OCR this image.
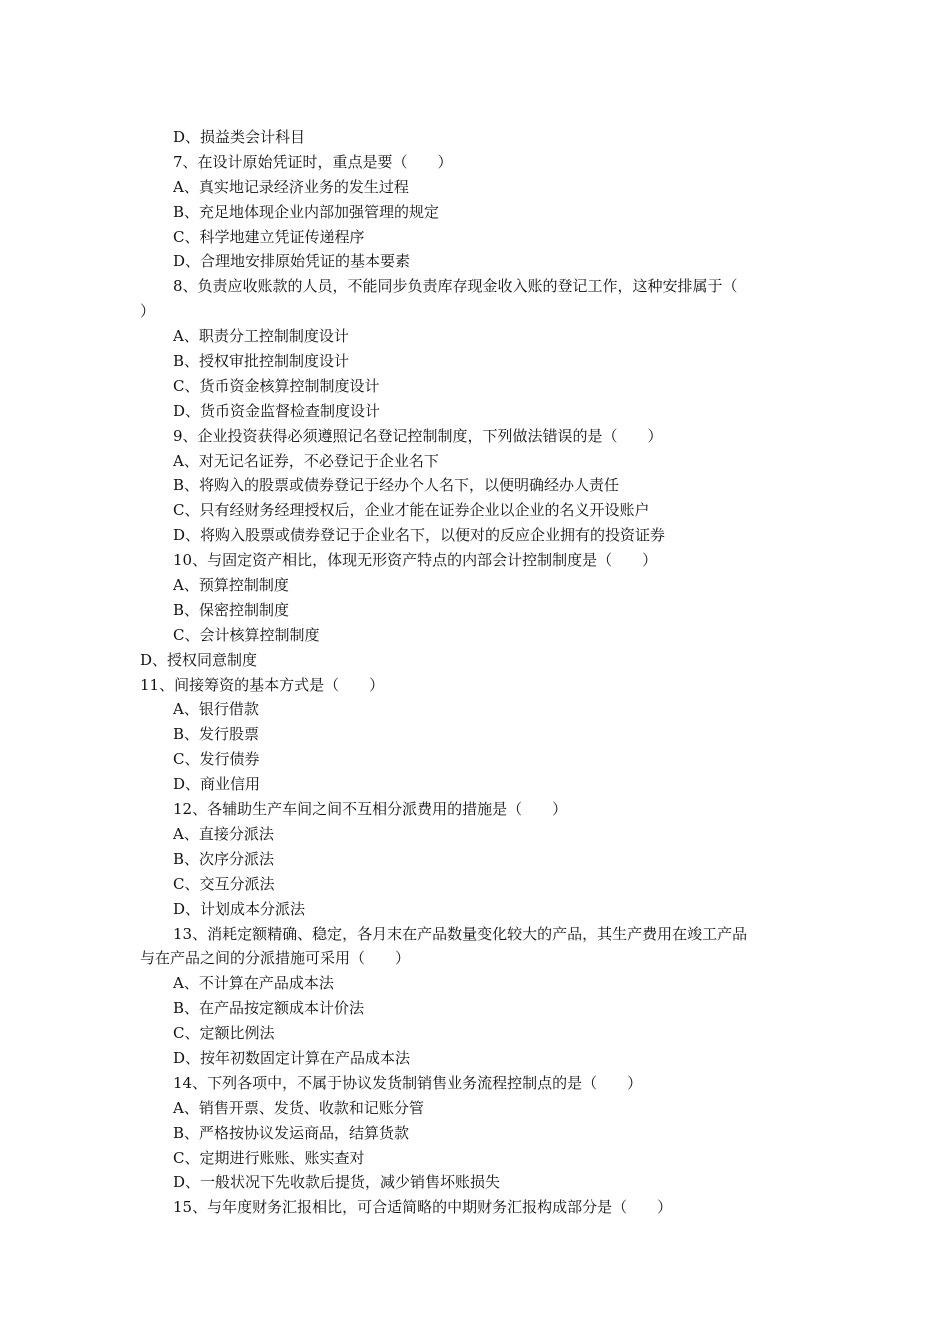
D、损益类会计科目
7、在设计原始凭证时，重点是要（　　）
A、真实地记录经济业务的发生过程
B、充足地体现企业内部加强管理的规定
C、科学地建立凭证传递程序
D、合理地安排原始凭证的基本要素
8、负责应收账款的人员，不能同步负责库存现金收入账的登记工作，这种安排属于（
）
A、职责分工控制制度设计
B、授权审批控制制度设计
C、货币资金核算控制制度设计
D、货币资金监督检查制度设计
9、企业投资获得必须遵照记名登记控制制度，下列做法错误的是（　　）
A、对无记名证券，不必登记于企业名下
B、将购入的股票或债券登记于经办个人名下，以便明确经办人责任
C、只有经财务经理授权后，企业才能在证券企业以企业的名义开设账户
D、将购入股票或债券登记于企业名下，以便对的反应企业拥有的投资证券
10、与固定资产相比，体现无形资产特点的内部会计控制制度是（　　）
A、预算控制制度
B、保密控制制度
C、会计核算控制制度
D、授权同意制度
11、间接筹资的基本方式是（　　）
A、银行借款
B、发行股票
C、发行债券
D、商业信用
12、各辅助生产车间之间不互相分派费用的措施是（　　）
A、直接分派法
B、次序分派法
C、交互分派法
D、计划成本分派法
13、消耗定额精确、稳定，各月末在产品数量变化较大的产品，其生产费用在竣工产品
与在产品之间的分派措施可采用（　　）
A、不计算在产品成本法
B、在产品按定额成本计价法
C、定额比例法
D、按年初数固定计算在产品成本法
14、下列各项中，不属于协议发货制销售业务流程控制点的是（　　）
A、销售开票、发货、收款和记账分管
B、严格按协议发运商品，结算货款
C、定期进行账账、账实查对
D、一般状况下先收款后提货，减少销售坏账损失
15、与年度财务汇报相比，可合适简略的中期财务汇报构成部分是（　　）
